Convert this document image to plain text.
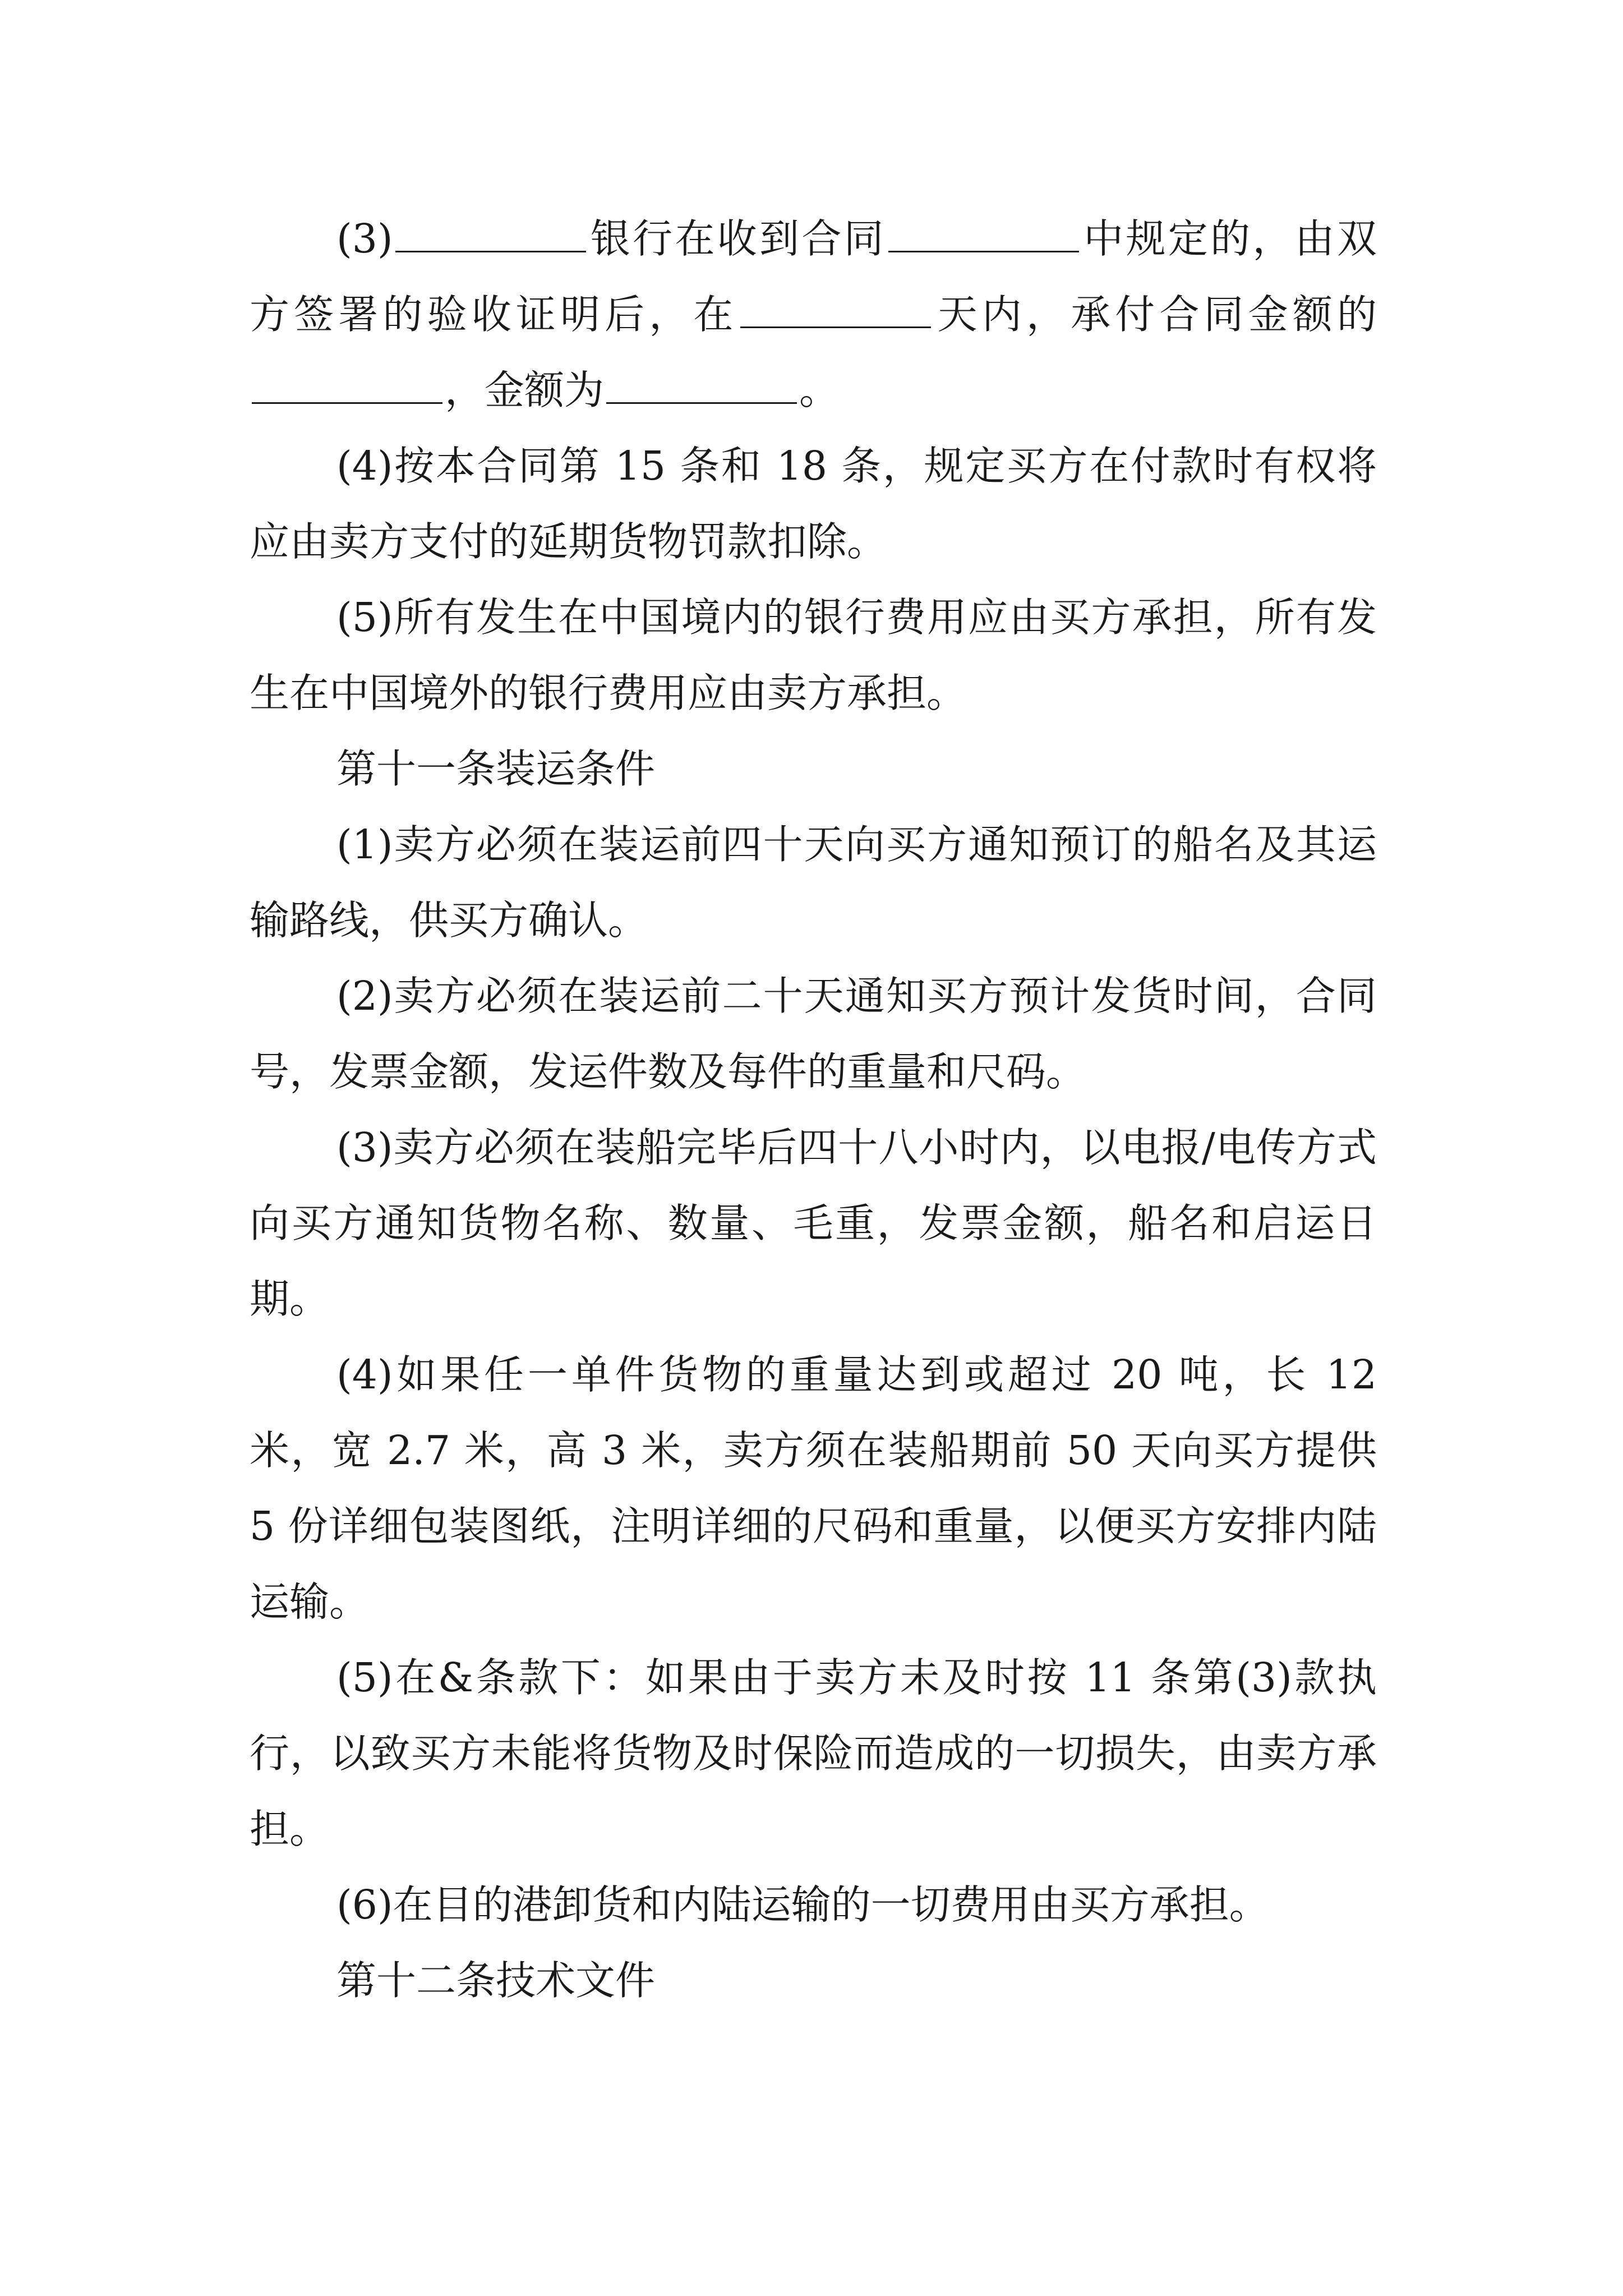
(3)	银行在收到合同	中规定的，由双方签署的验收证明后，在	天内，承付合同金额的，金额为	。

(4)按本合同第 15 条和 18 条，规定买方在付款时有权将应由卖方支付的延期货物罚款扣除。

(5)所有发生在中国境内的银行费用应由买方承担，所有发生在中国境外的银行费用应由卖方承担。

第十一条装运条件

(1)卖方必须在装运前四十天向买方通知预订的船名及其运输路线，供买方确认。

(2)卖方必须在装运前二十天通知买方预计发货时间，合同号，发票金额，发运件数及每件的重量和尺码。

(3)卖方必须在装船完毕后四十八小时内，以电报/电传方式向买方通知货物名称、数量、毛重，发票金额，船名和启运日期。

(4)如果任一单件货物的重量达到或超过 20 吨，长 12 米，宽 2.7 米，高 3 米，卖方须在装船期前 50 天向买方提供 5 份详细包装图纸，注明详细的尺码和重量，以便买方安排内陆运输。

(5)在&条款下：如果由于卖方未及时按 11 条第(3)款执行，以致买方未能将货物及时保险而造成的一切损失，由卖方承担。

(6)在目的港卸货和内陆运输的一切费用由买方承担。

第十二条技术文件
